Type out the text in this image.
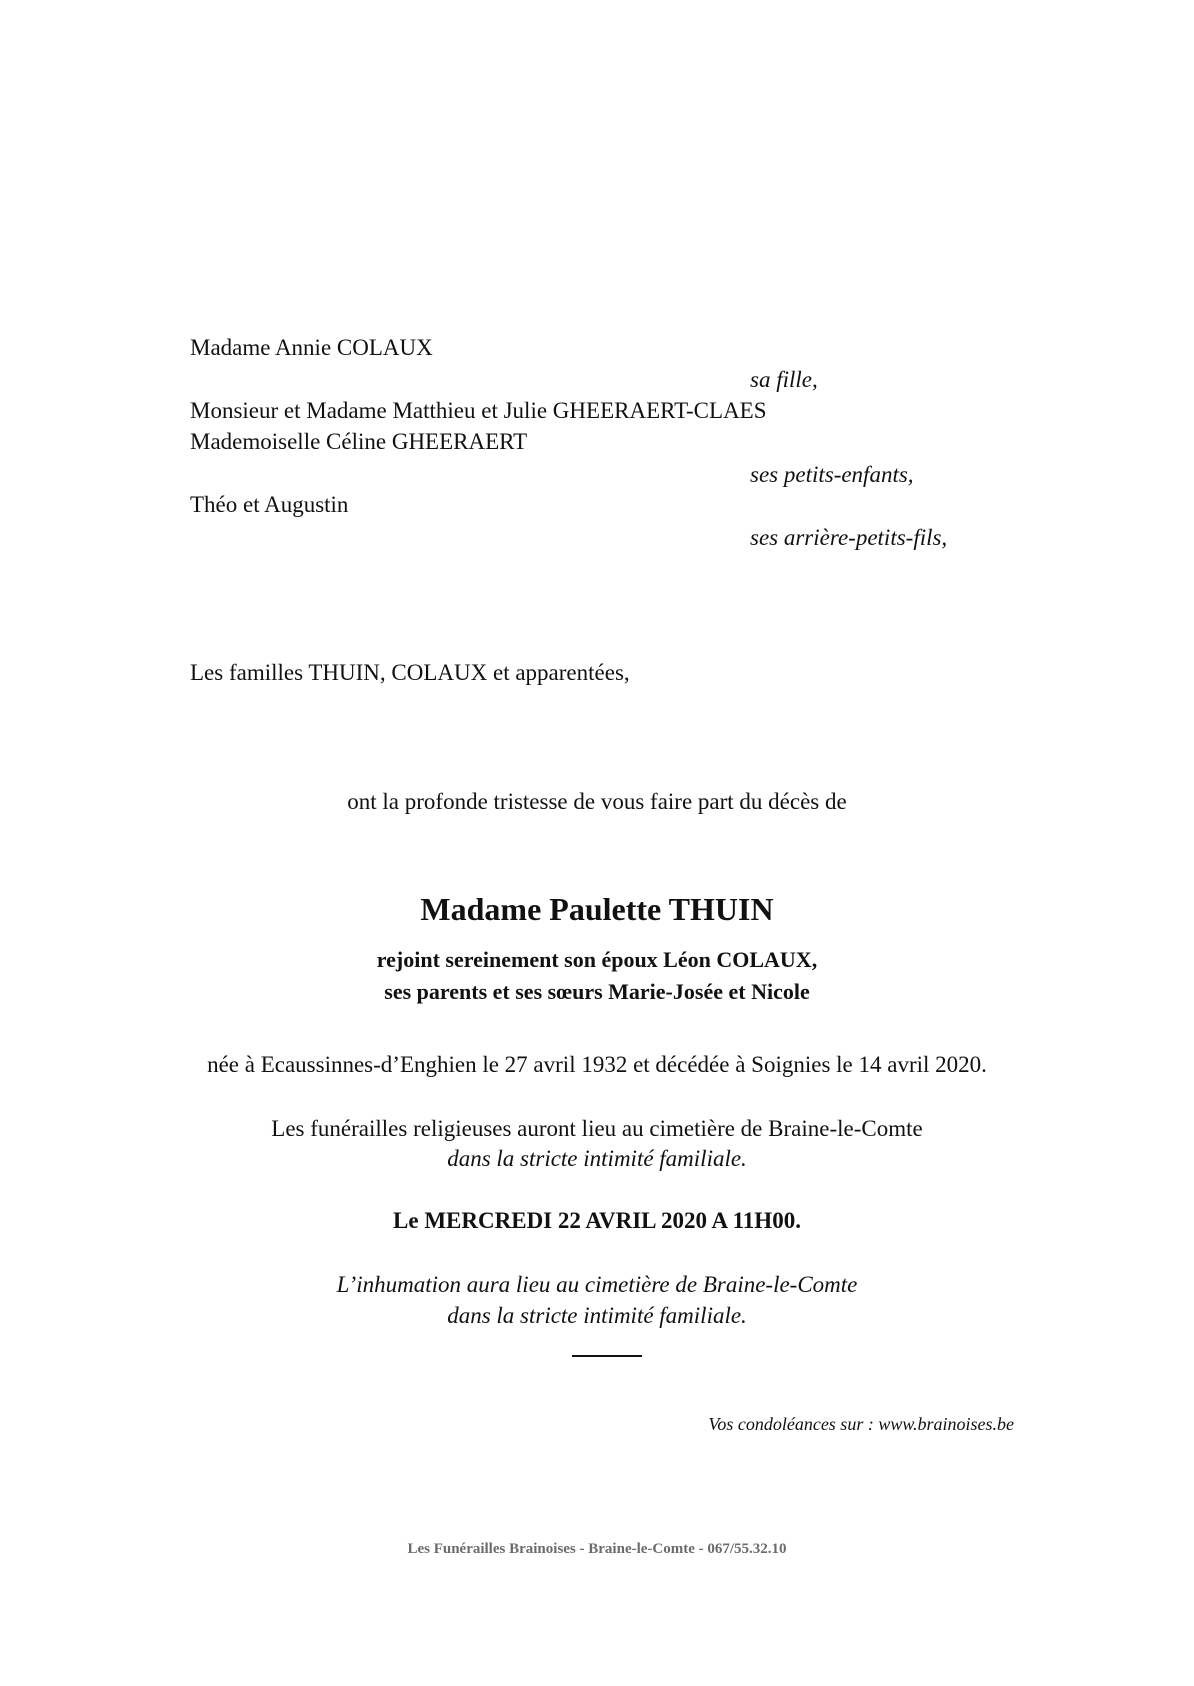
Madame Annie COLAUX
sa fille,
Monsieur et Madame Matthieu et Julie GHEERAERT-CLAES
Mademoiselle Céline GHEERAERT
ses petits-enfants,
Théo et Augustin
ses arrière-petits-fils,
Les familles THUIN, COLAUX et apparentées,
ont la profonde tristesse de vous faire part du décès de
Madame Paulette THUIN
rejoint sereinement son époux Léon COLAUX,
ses parents et ses sœurs Marie-Josée et Nicole
née à Ecaussinnes-d’Enghien le 27 avril 1932 et décédée à Soignies le 14 avril 2020.
Les funérailles religieuses auront lieu au cimetière de Braine-le-Comte
dans la stricte intimité familiale.
Le MERCREDI 22 AVRIL 2020 A 11H00.
L’inhumation aura lieu au cimetière de Braine-le-Comte
dans la stricte intimité familiale.
Vos condoléances sur : www.brainoises.be
Les Funérailles Brainoises - Braine-le-Comte - 067/55.32.10
